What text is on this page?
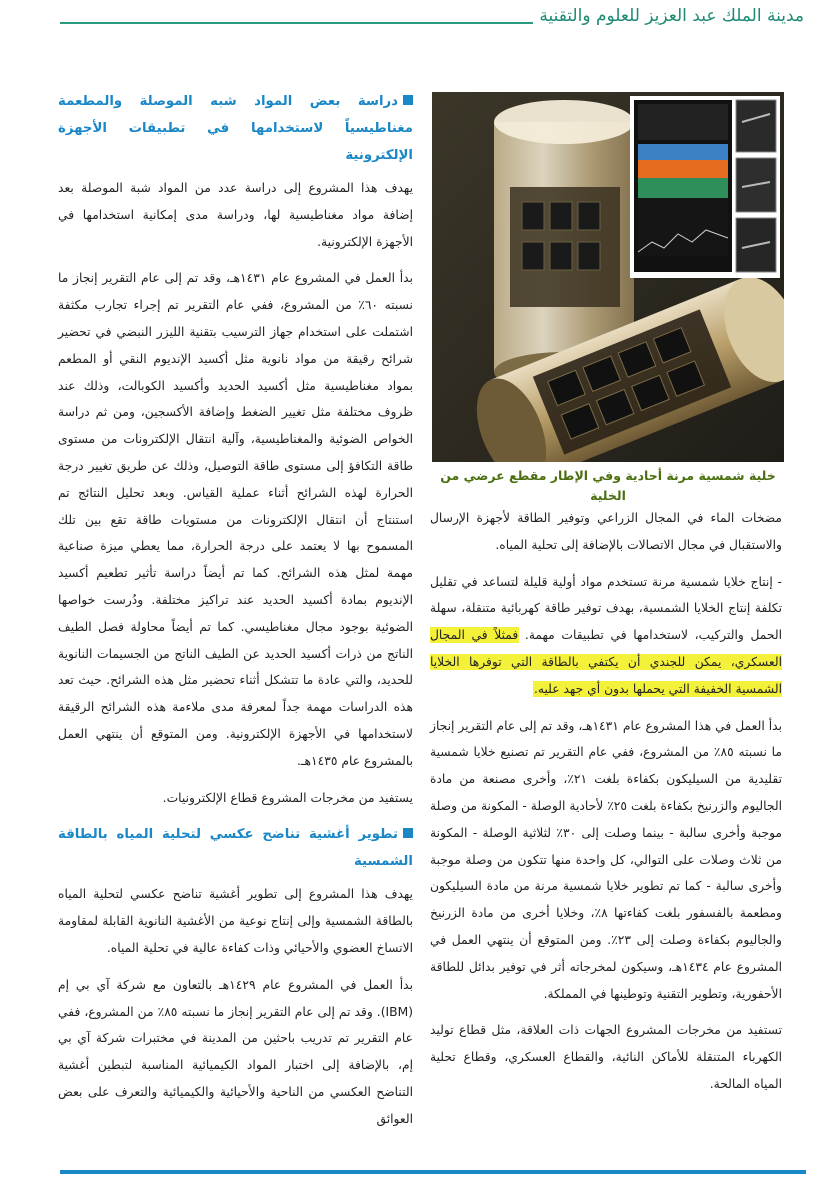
مدينة الملك عبد العزيز للعلوم والتقنية
دراسة بعض المواد شبه الموصلة والمطعمة مغناطيسياً لاستخدامها في تطبيقات الأجهزة الإلكترونية

يهدف هذا المشروع إلى دراسة عدد من المواد شبة الموصلة بعد إضافة مواد مغناطيسية لها، ودراسة مدى إمكانية استخدامها في الأجهزة الإلكترونية.

بدأ العمل في المشروع عام ١٤٣١هـ، وقد تم إلى عام التقرير إنجاز ما نسبته ٦٠٪ من المشروع، ففي عام التقرير تم إجراء تجارب مكثفة اشتملت على استخدام جهاز الترسيب بتقنية الليزر النبضي في تحضير شرائح رقيقة من مواد نانوية مثل أكسيد الإنديوم النقي أو المطعم بمواد مغناطيسية مثل أكسيد الحديد وأكسيد الكوبالت، وذلك عند ظروف مختلفة مثل تغيير الضغط وإضافة الأكسجين، ومن ثم دراسة الخواص الضوئية والمغناطيسية، وآلية انتقال الإلكترونات من مستوى طاقة التكافؤ إلى مستوى طاقة التوصيل، وذلك عن طريق تغيير درجة الحرارة لهذه الشرائح أثناء عملية القياس. وبعد تحليل النتائج تم استنتاج أن انتقال الإلكترونات من مستويات طاقة تقع بين تلك المسموح بها لا يعتمد على درجة الحرارة، مما يعطي ميزة صناعية مهمة لمثل هذه الشرائح. كما تم أيضاً دراسة تأثير تطعيم أكسيد الإنديوم بمادة أكسيد الحديد عند تراكيز مختلفة. ودُرست خواصها الضوئية بوجود مجال مغناطيسي. كما تم أيضاً محاولة فصل الطيف الناتج من ذرات أكسيد الحديد عن الطيف الناتج من الجسيمات النانوية للحديد، والتي عادة ما تتشكل أثناء تحضير مثل هذه الشرائح. حيث تعد هذه الدراسات مهمة جداً لمعرفة مدى ملاءمة هذه الشرائح الرقيقة لاستخدامها في الأجهزة الإلكترونية. ومن المتوقع أن ينتهي العمل بالمشروع عام ١٤٣٥هـ.

يستفيد من مخرجات المشروع قطاع الإلكترونيات.

تطوير أغشية تناضح عكسي لتحلية المياه بالطاقة الشمسية

يهدف هذا المشروع إلى تطوير أغشية تناضح عكسي لتحلية المياه بالطاقة الشمسية وإلى إنتاج نوعية من الأغشية النانوية القابلة لمقاومة الاتساخ العضوي والأحيائي وذات كفاءة عالية في تحلية المياه.

بدأ العمل في المشروع عام ١٤٢٩هـ بالتعاون مع شركة آي بي إم (IBM). وقد تم إلى عام التقرير إنجاز ما نسبته ٨٥٪ من المشروع، ففي عام التقرير تم تدريب باحثين من المدينة في مختبرات شركة آي بي إم، بالإضافة إلى اختبار المواد الكيميائية المناسبة لتبطين أغشية التناضح العكسي من الناحية والأحيائية والكيميائية والتعرف على بعض العوائق

خلية شمسية مرنة أحادية وفي الإطار مقطع عرضي من الخلية

مضخات الماء في المجال الزراعي وتوفير الطاقة لأجهزة الإرسال والاستقبال في مجال الاتصالات بالإضافة إلى تحلية المياه.

- إنتاج خلايا شمسية مرنة تستخدم مواد أولية قليلة لتساعد في تقليل تكلفة إنتاج الخلايا الشمسية، بهدف توفير طاقة كهربائية متنقلة، سهلة الحمل والتركيب، لاستخدامها في تطبيقات مهمة. فمثلاً في المجال العسكري، يمكن للجندي أن يكتفي بالطاقة التي توفرها الخلايا الشمسية الخفيفة التي يحملها بدون أي جهد عليه.

بدأ العمل في هذا المشروع عام ١٤٣١هـ، وقد تم إلى عام التقرير إنجاز ما نسبته ٨٥٪ من المشروع، ففي عام التقرير تم تصنيع خلايا شمسية تقليدية من السيليكون بكفاءة بلغت ٢١٪، وأخرى مصنعة من مادة الجاليوم والزرنيخ بكفاءة بلغت ٢٥٪ لأحادية الوصلة - المكونة من وصلة موجبة وأخرى سالبة - بينما وصلت إلى ٣٠٪ لثلاثية الوصلة - المكونة من ثلاث وصلات على التوالي، كل واحدة منها تتكون من وصلة موجبة وأخرى سالبة - كما تم تطوير خلايا شمسية مرنة من مادة السيليكون ومطعمة بالفسفور بلغت كفاءتها ٨٪، وخلايا أخرى من مادة الزرنيخ والجاليوم بكفاءة وصلت إلى ٢٣٪. ومن المتوقع أن ينتهي العمل في المشروع عام ١٤٣٤هـ، وسيكون لمخرجاته أثر في توفير بدائل للطاقة الأحفورية، وتطوير التقنية وتوطينها في المملكة.

تستفيد من مخرجات المشروع الجهات ذات العلاقة، مثل قطاع توليد الكهرباء المتنقلة للأماكن النائية، والقطاع العسكري، وقطاع تحلية المياه المالحة.
